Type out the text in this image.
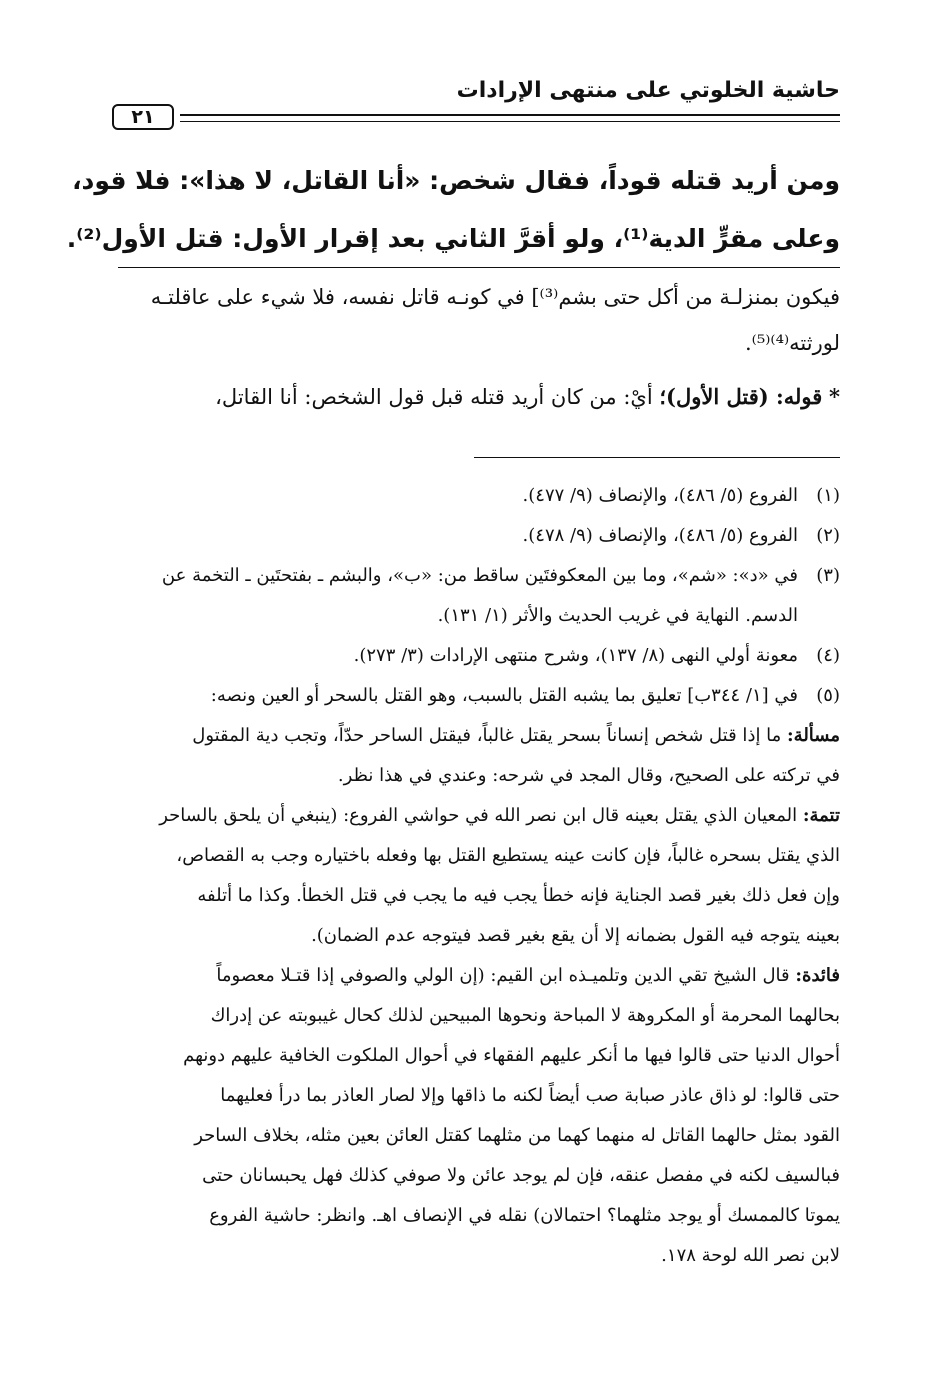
حاشية الخلوتي على منتهى الإرادات
٢١
ومن أريد قتله قوداً، فقال شخص: «أنا القاتل، لا هذا»: فلا قود،
وعلى مقرٍّ الدية⁽¹⁾، ولو أقرَّ الثاني بعد إقرار الأول: قتل الأول⁽²⁾.
فيكون بمنزلـة من أكل حتى بشم⁽³⁾] في كونـه قاتل نفسه، فلا شيء على عاقلتـه
لورثته⁽⁴⁾⁽⁵⁾.
* قوله: (قتل الأول)؛ أيْ: من كان أريد قتله قبل قول الشخص: أنا القاتل،
(١)
الفروع (٥/ ٤٨٦)، والإنصاف (٩/ ٤٧٧).
(٢)
الفروع (٥/ ٤٨٦)، والإنصاف (٩/ ٤٧٨).
(٣)
في «د»: «شم»، وما بين المعكوفتَين ساقط من: «ب»، والبشم ـ بفتحتَين ـ التخمة عن
الدسم. النهاية في غريب الحديث والأثر (١/ ١٣١).
(٤)
معونة أولي النهى (٨/ ١٣٧)، وشرح منتهى الإرادات (٣/ ٢٧٣).
(٥)
في [١/ ٣٤٤ب] تعليق بما يشبه القتل بالسبب، وهو القتل بالسحر أو العين ونصه:
مسألة: ما إذا قتل شخص إنساناً بسحر يقتل غالباً، فيقتل الساحر حدّاً، وتجب دية المقتول
في تركته على الصحيح، وقال المجد في شرحه: وعندي في هذا نظر.
تتمة: المعيان الذي يقتل بعينه قال ابن نصر الله في حواشي الفروع: (ينبغي أن يلحق بالساحر
الذي يقتل بسحره غالباً، فإن كانت عينه يستطيع القتل بها وفعله باختياره وجب به القصاص،
وإن فعل ذلك بغير قصد الجناية فإنه خطأ يجب فيه ما يجب في قتل الخطأ. وكذا ما أتلفه
بعينه يتوجه فيه القول بضمانه إلا أن يقع بغير قصد فيتوجه عدم الضمان).
فائدة: قال الشيخ تقي الدين وتلميـذه ابن القيم: (إن الولي والصوفي إذا قتـلا معصوماً
بحالهما المحرمة أو المكروهة لا المباحة ونحوها المبيحين لذلك كحال غيبوبته عن إدراك
أحوال الدنيا حتى قالوا فيها ما أنكر عليهم الفقهاء في أحوال الملكوت الخافية عليهم دونهم
حتى قالوا: لو ذاق عاذر صبابة صب أيضاً لكنه ما ذاقها وإلا لصار العاذر بما درأ فعليهما
القود بمثل حالهما القاتل له منهما كهما من مثلهما كقتل العائن بعين مثله، بخلاف الساحر
فبالسيف لكنه في مفصل عنقه، فإن لم يوجد عائن ولا صوفي كذلك فهل يحبسانان حتى
يموتا كالممسك أو يوجد مثلهما؟ احتمالان) نقله في الإنصاف اهـ. وانظر: حاشية الفروع
لابن نصر الله لوحة ١٧٨.
